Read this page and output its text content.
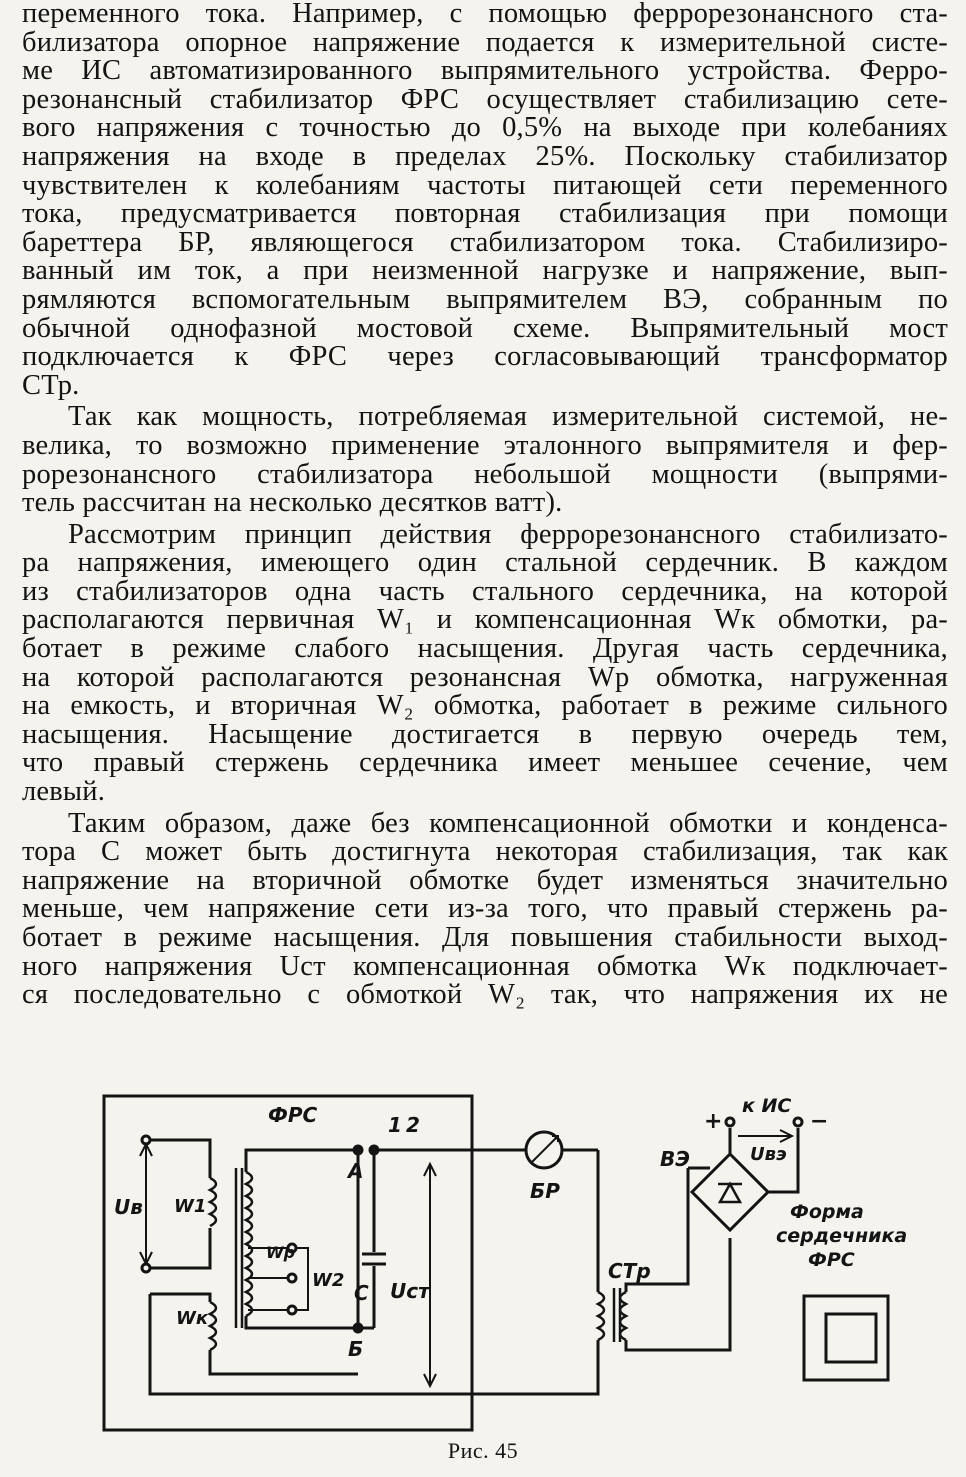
переменного тока. Например, с помощью феррорезонансного ста-
билизатора опорное напряжение подается к измерительной систе-
ме ИС автоматизированного выпрямительного устройства. Ферро-
резонансный стабилизатор ФРС осуществляет стабилизацию сете-
вого напряжения с точностью до 0,5% на выходе при колебаниях
напряжения на входе в пределах 25%. Поскольку стабилизатор
чувствителен к колебаниям частоты питающей сети переменного
тока, предусматривается повторная стабилизация при помощи
бареттера БР, являющегося стабилизатором тока. Стабилизиро-
ванный им ток, а при неизменной нагрузке и напряжение, вып-
рямляются вспомогательным выпрямителем ВЭ, собранным по
обычной однофазной мостовой схеме. Выпрямительный мост
подключается к ФРС через согласовывающий трансформатор
СТр.
Так как мощность, потребляемая измерительной системой, не-
велика, то возможно применение эталонного выпрямителя и фер-
рорезонансного стабилизатора небольшой мощности (выпрями-
тель рассчитан на несколько десятков ватт).
Рассмотрим принцип действия феррорезонансного стабилизато-
ра напряжения, имеющего один стальной сердечник. В каждом
из стабилизаторов одна часть стального сердечника, на которой
располагаются первичная W₁ и компенсационная Wк обмотки, ра-
ботает в режиме слабого насыщения. Другая часть сердечника,
на которой располагаются резонансная Wр обмотка, нагруженная
на емкость, и вторичная W₂ обмотка, работает в режиме сильного
насыщения. Насыщение достигается в первую очередь тем,
что правый стержень сердечника имеет меньшее сечение, чем
левый.
Таким образом, даже без компенсационной обмотки и конденса-
тора С может быть достигнута некоторая стабилизация, так как
напряжение на вторичной обмотке будет изменяться значительно
меньше, чем напряжение сети из-за того, что правый стержень ра-
ботает в режиме насыщения. Для повышения стабильности выход-
ного напряжения Uст компенсационная обмотка Wк подключает-
ся последовательно с обмоткой W₂ так, что напряжения их не
ФРС	1 2
А
Б
Uв W1
Wр
W2
Wк
С Uст
БР
СТр
ВЭ
+
к ИС
−
Uвэ
Форма сердечника ФРС
Рис. 45
